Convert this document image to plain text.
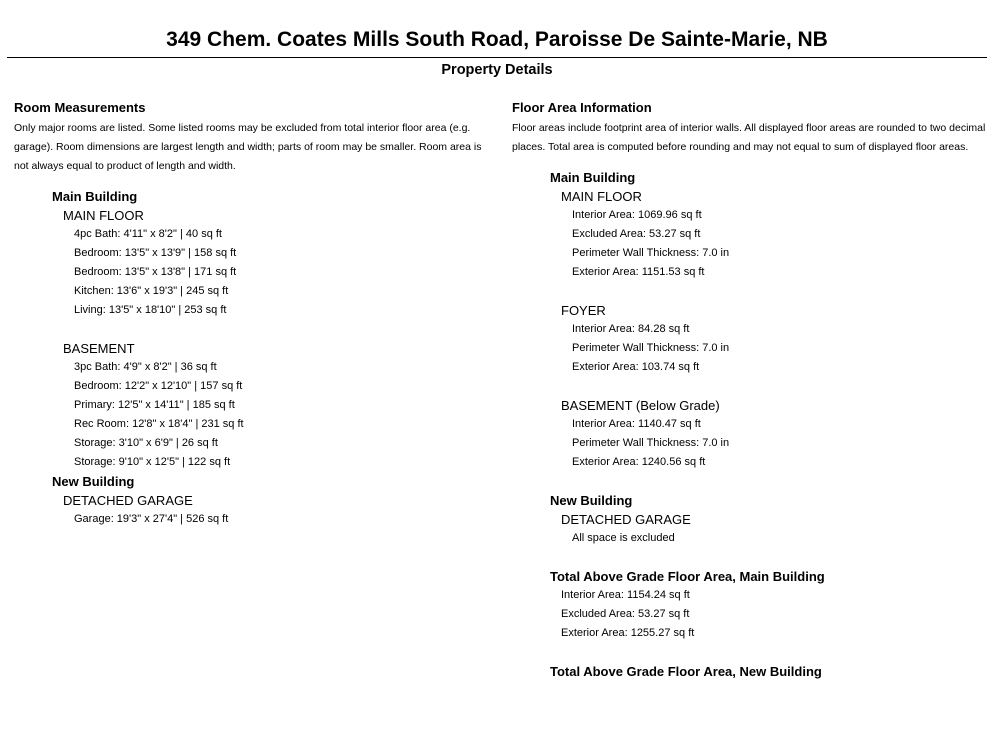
349 Chem. Coates Mills South Road, Paroisse De Sainte-Marie, NB
Property Details
Room Measurements

Only major rooms are listed. Some listed rooms may be excluded from total interior floor area (e.g. garage). Room dimensions are largest length and width; parts of room may be smaller. Room area is not always equal to product of length and width.

Main Building
MAIN FLOOR
4pc Bath: 4'11" x 8'2" | 40 sq ft
Bedroom: 13'5" x 13'9" | 158 sq ft
Bedroom: 13'5" x 13'8" | 171 sq ft
Kitchen: 13'6" x 19'3" | 245 sq ft
Living: 13'5" x 18'10" | 253 sq ft
BASEMENT
3pc Bath: 4'9" x 8'2" | 36 sq ft
Bedroom: 12'2" x 12'10" | 157 sq ft
Primary: 12'5" x 14'11" | 185 sq ft
Rec Room: 12'8" x 18'4" | 231 sq ft
Storage: 3'10" x 6'9" | 26 sq ft
Storage: 9'10" x 12'5" | 122 sq ft
New Building
DETACHED GARAGE
Garage: 19'3" x 27'4" | 526 sq ft
Floor Area Information

Floor areas include footprint area of interior walls. All displayed floor areas are rounded to two decimal places. Total area is computed before rounding and may not equal to sum of displayed floor areas.

Main Building
MAIN FLOOR
Interior Area: 1069.96 sq ft
Excluded Area: 53.27 sq ft
Perimeter Wall Thickness: 7.0 in
Exterior Area: 1151.53 sq ft
FOYER
Interior Area: 84.28 sq ft
Perimeter Wall Thickness: 7.0 in
Exterior Area: 103.74 sq ft
BASEMENT (Below Grade)
Interior Area: 1140.47 sq ft
Perimeter Wall Thickness: 7.0 in
Exterior Area: 1240.56 sq ft
New Building
DETACHED GARAGE
All space is excluded
Total Above Grade Floor Area, Main Building
Interior Area: 1154.24 sq ft
Excluded Area: 53.27 sq ft
Exterior Area: 1255.27 sq ft
Total Above Grade Floor Area, New Building
